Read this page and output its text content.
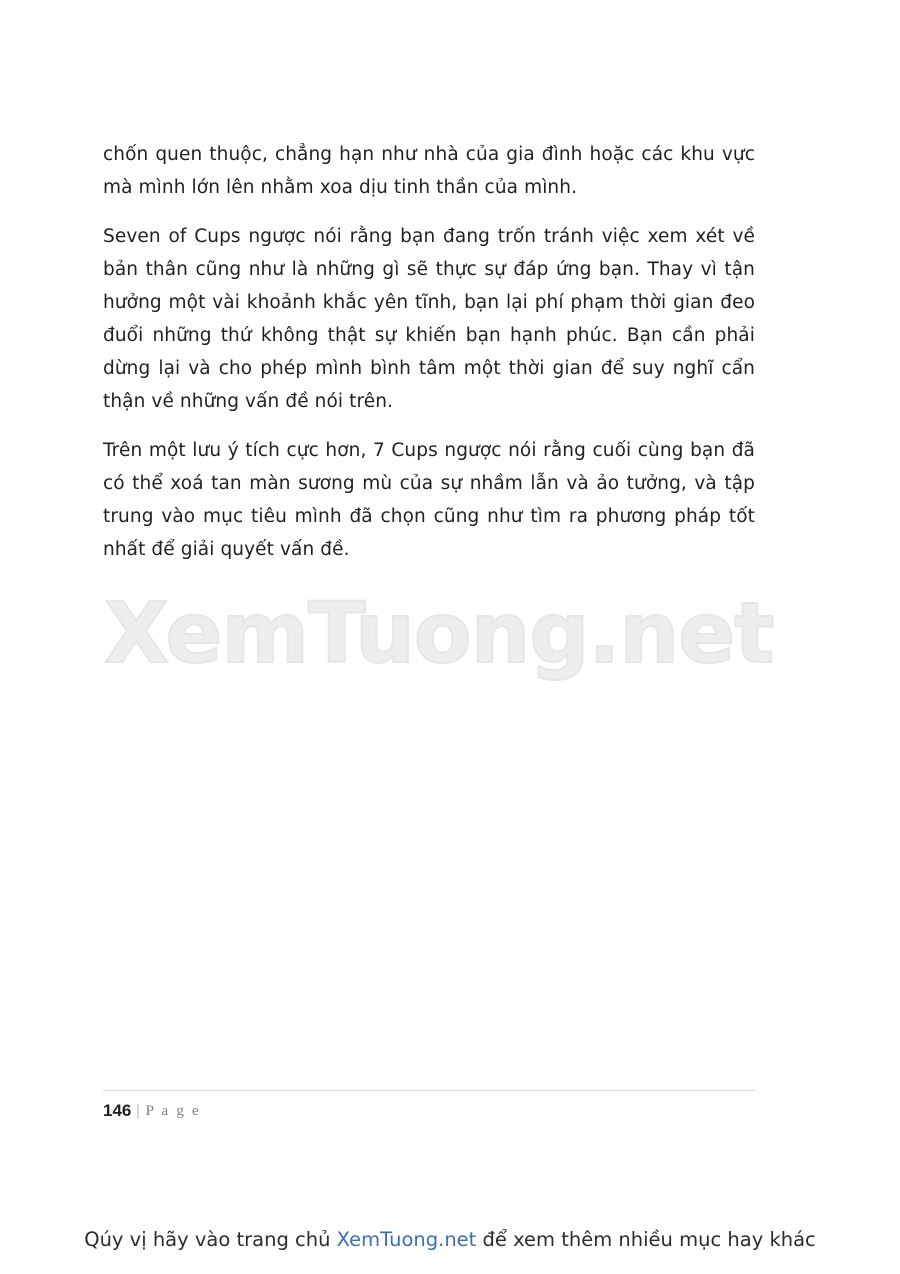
chốn quen thuộc, chẳng hạn như nhà của gia đình hoặc các khu vực mà mình lớn lên nhằm xoa dịu tinh thần của mình.

Seven of Cups ngược nói rằng bạn đang trốn tránh việc xem xét về bản thân cũng như là những gì sẽ thực sự đáp ứng bạn. Thay vì tận hưởng một vài khoảnh khắc yên tĩnh, bạn lại phí phạm thời gian đeo đuổi những thứ không thật sự khiến bạn hạnh phúc. Bạn cần phải dừng lại và cho phép mình bình tâm một thời gian để suy nghĩ cẩn thận về những vấn đề nói trên.

Trên một lưu ý tích cực hơn, 7 Cups ngược nói rằng cuối cùng bạn đã có thể xoá tan màn sương mù của sự nhầm lẫn và ảo tưởng, và tập trung vào mục tiêu mình đã chọn cũng như tìm ra phương pháp tốt nhất để giải quyết vấn đề.

XemTuong.net
146 | P a g e
Qúy vị hãy vào trang chủ XemTuong.net để xem thêm nhiều mục hay khác
